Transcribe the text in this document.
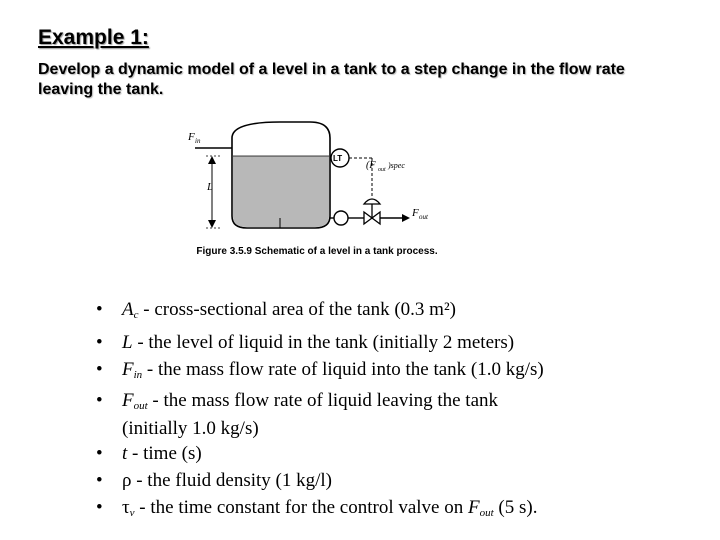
Example 1:
Develop a dynamic model of a level in a tank to a step change in the flow rate leaving the tank.
F in
L
LT
(F out )spec
F out
Figure 3.5.9 Schematic of a level in a tank process.
• $A_c$ - cross-sectional area of the tank (0.3 m²)
• L - the level of liquid in the tank (initially 2 meters)
• $F_{in}$ - the mass flow rate of liquid into the tank (1.0 kg/s)
• $F_{out}$ - the mass flow rate of liquid leaving the tank
(initially 1.0 kg/s)
• t - time (s)
• ρ - the fluid density (1 kg/l)
• $\tau_v$ - the time constant for the control valve on $F_{out}$ (5 s).
